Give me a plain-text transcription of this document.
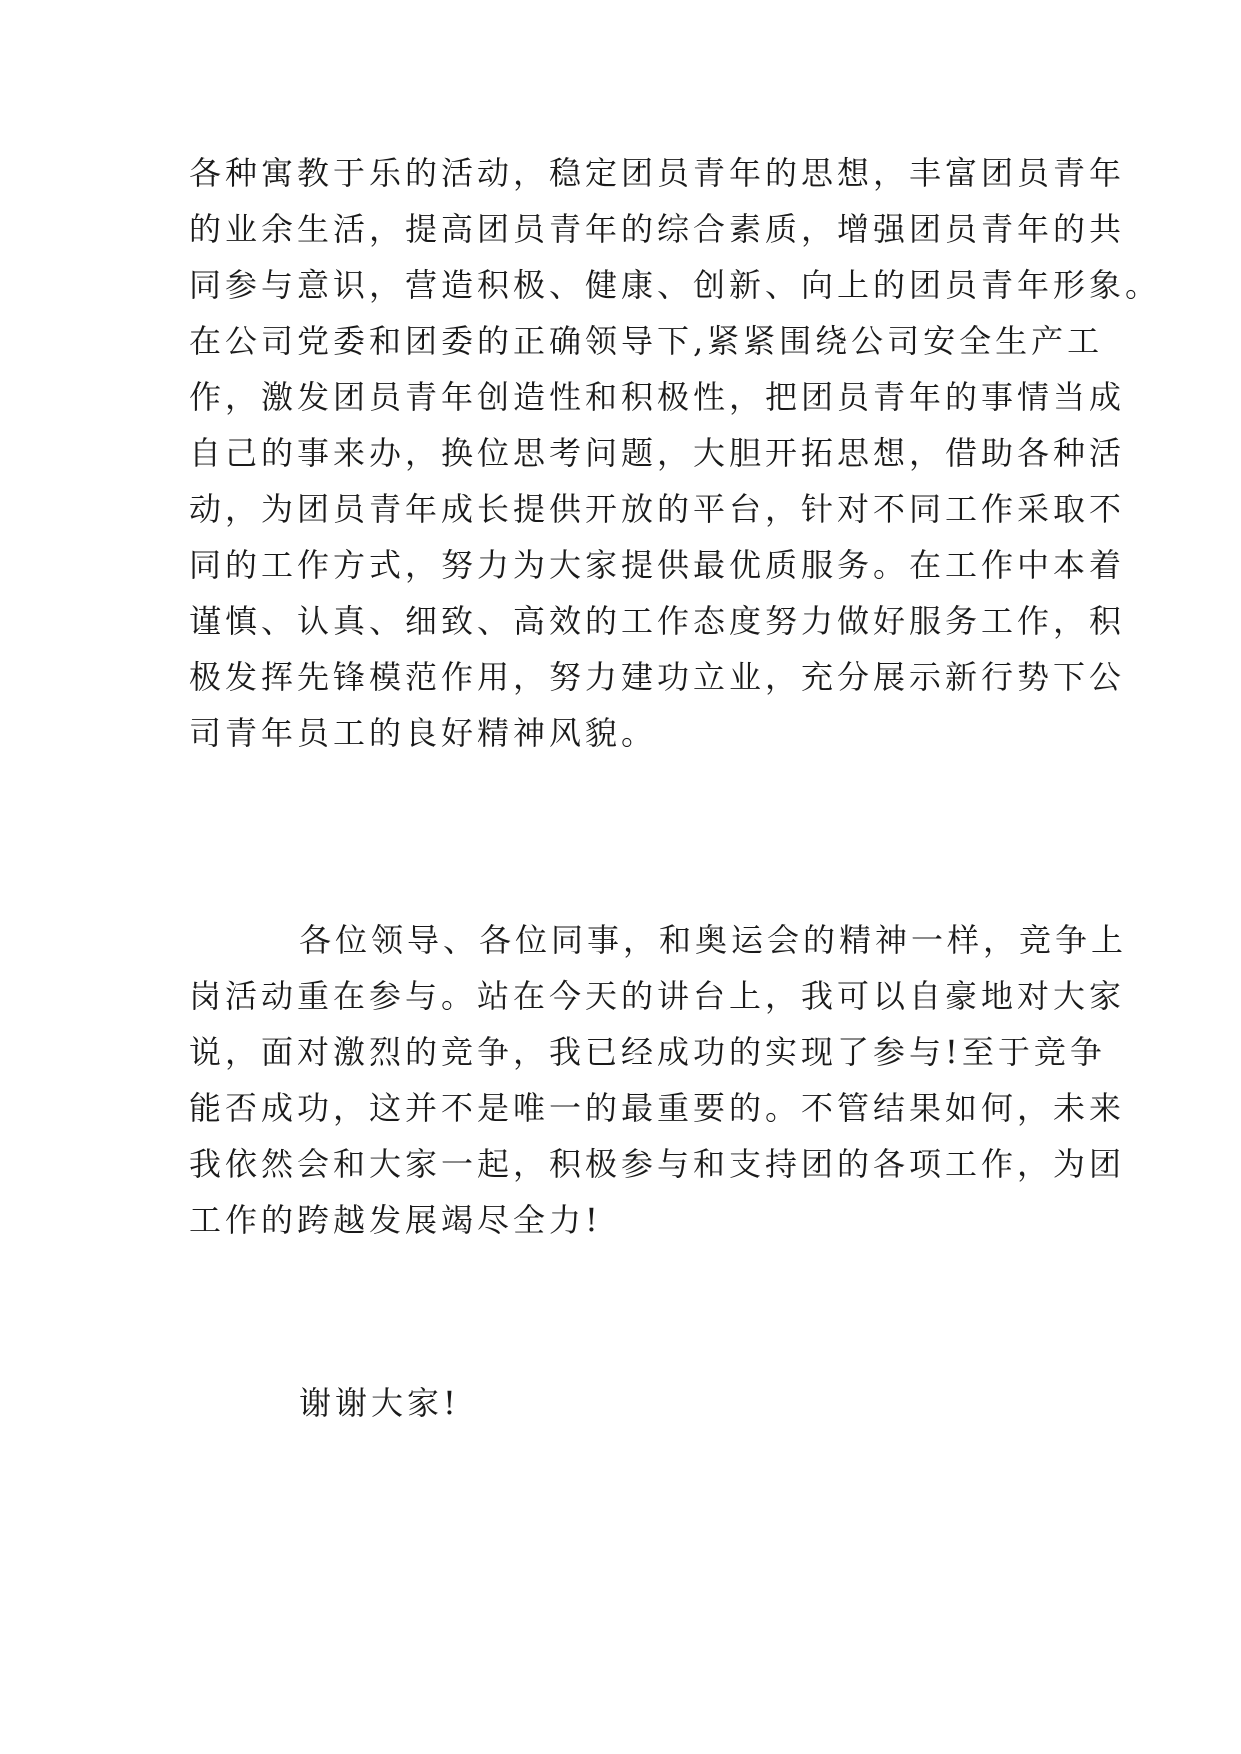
各种寓教于乐的活动，稳定团员青年的思想，丰富团员青年
的业余生活，提高团员青年的综合素质，增强团员青年的共
同参与意识，营造积极、健康、创新、向上的团员青年形象。
在公司党委和团委的正确领导下,紧紧围绕公司安全生产工
作，激发团员青年创造性和积极性，把团员青年的事情当成
自己的事来办，换位思考问题，大胆开拓思想，借助各种活
动，为团员青年成长提供开放的平台，针对不同工作采取不
同的工作方式，努力为大家提供最优质服务。在工作中本着
谨慎、认真、细致、高效的工作态度努力做好服务工作，积
极发挥先锋模范作用，努力建功立业，充分展示新行势下公
司青年员工的良好精神风貌。
各位领导、各位同事，和奥运会的精神一样，竞争上
岗活动重在参与。站在今天的讲台上，我可以自豪地对大家
说，面对激烈的竞争，我已经成功的实现了参与!至于竞争
能否成功，这并不是唯一的最重要的。不管结果如何，未来
我依然会和大家一起，积极参与和支持团的各项工作，为团
工作的跨越发展竭尽全力!
谢谢大家!
